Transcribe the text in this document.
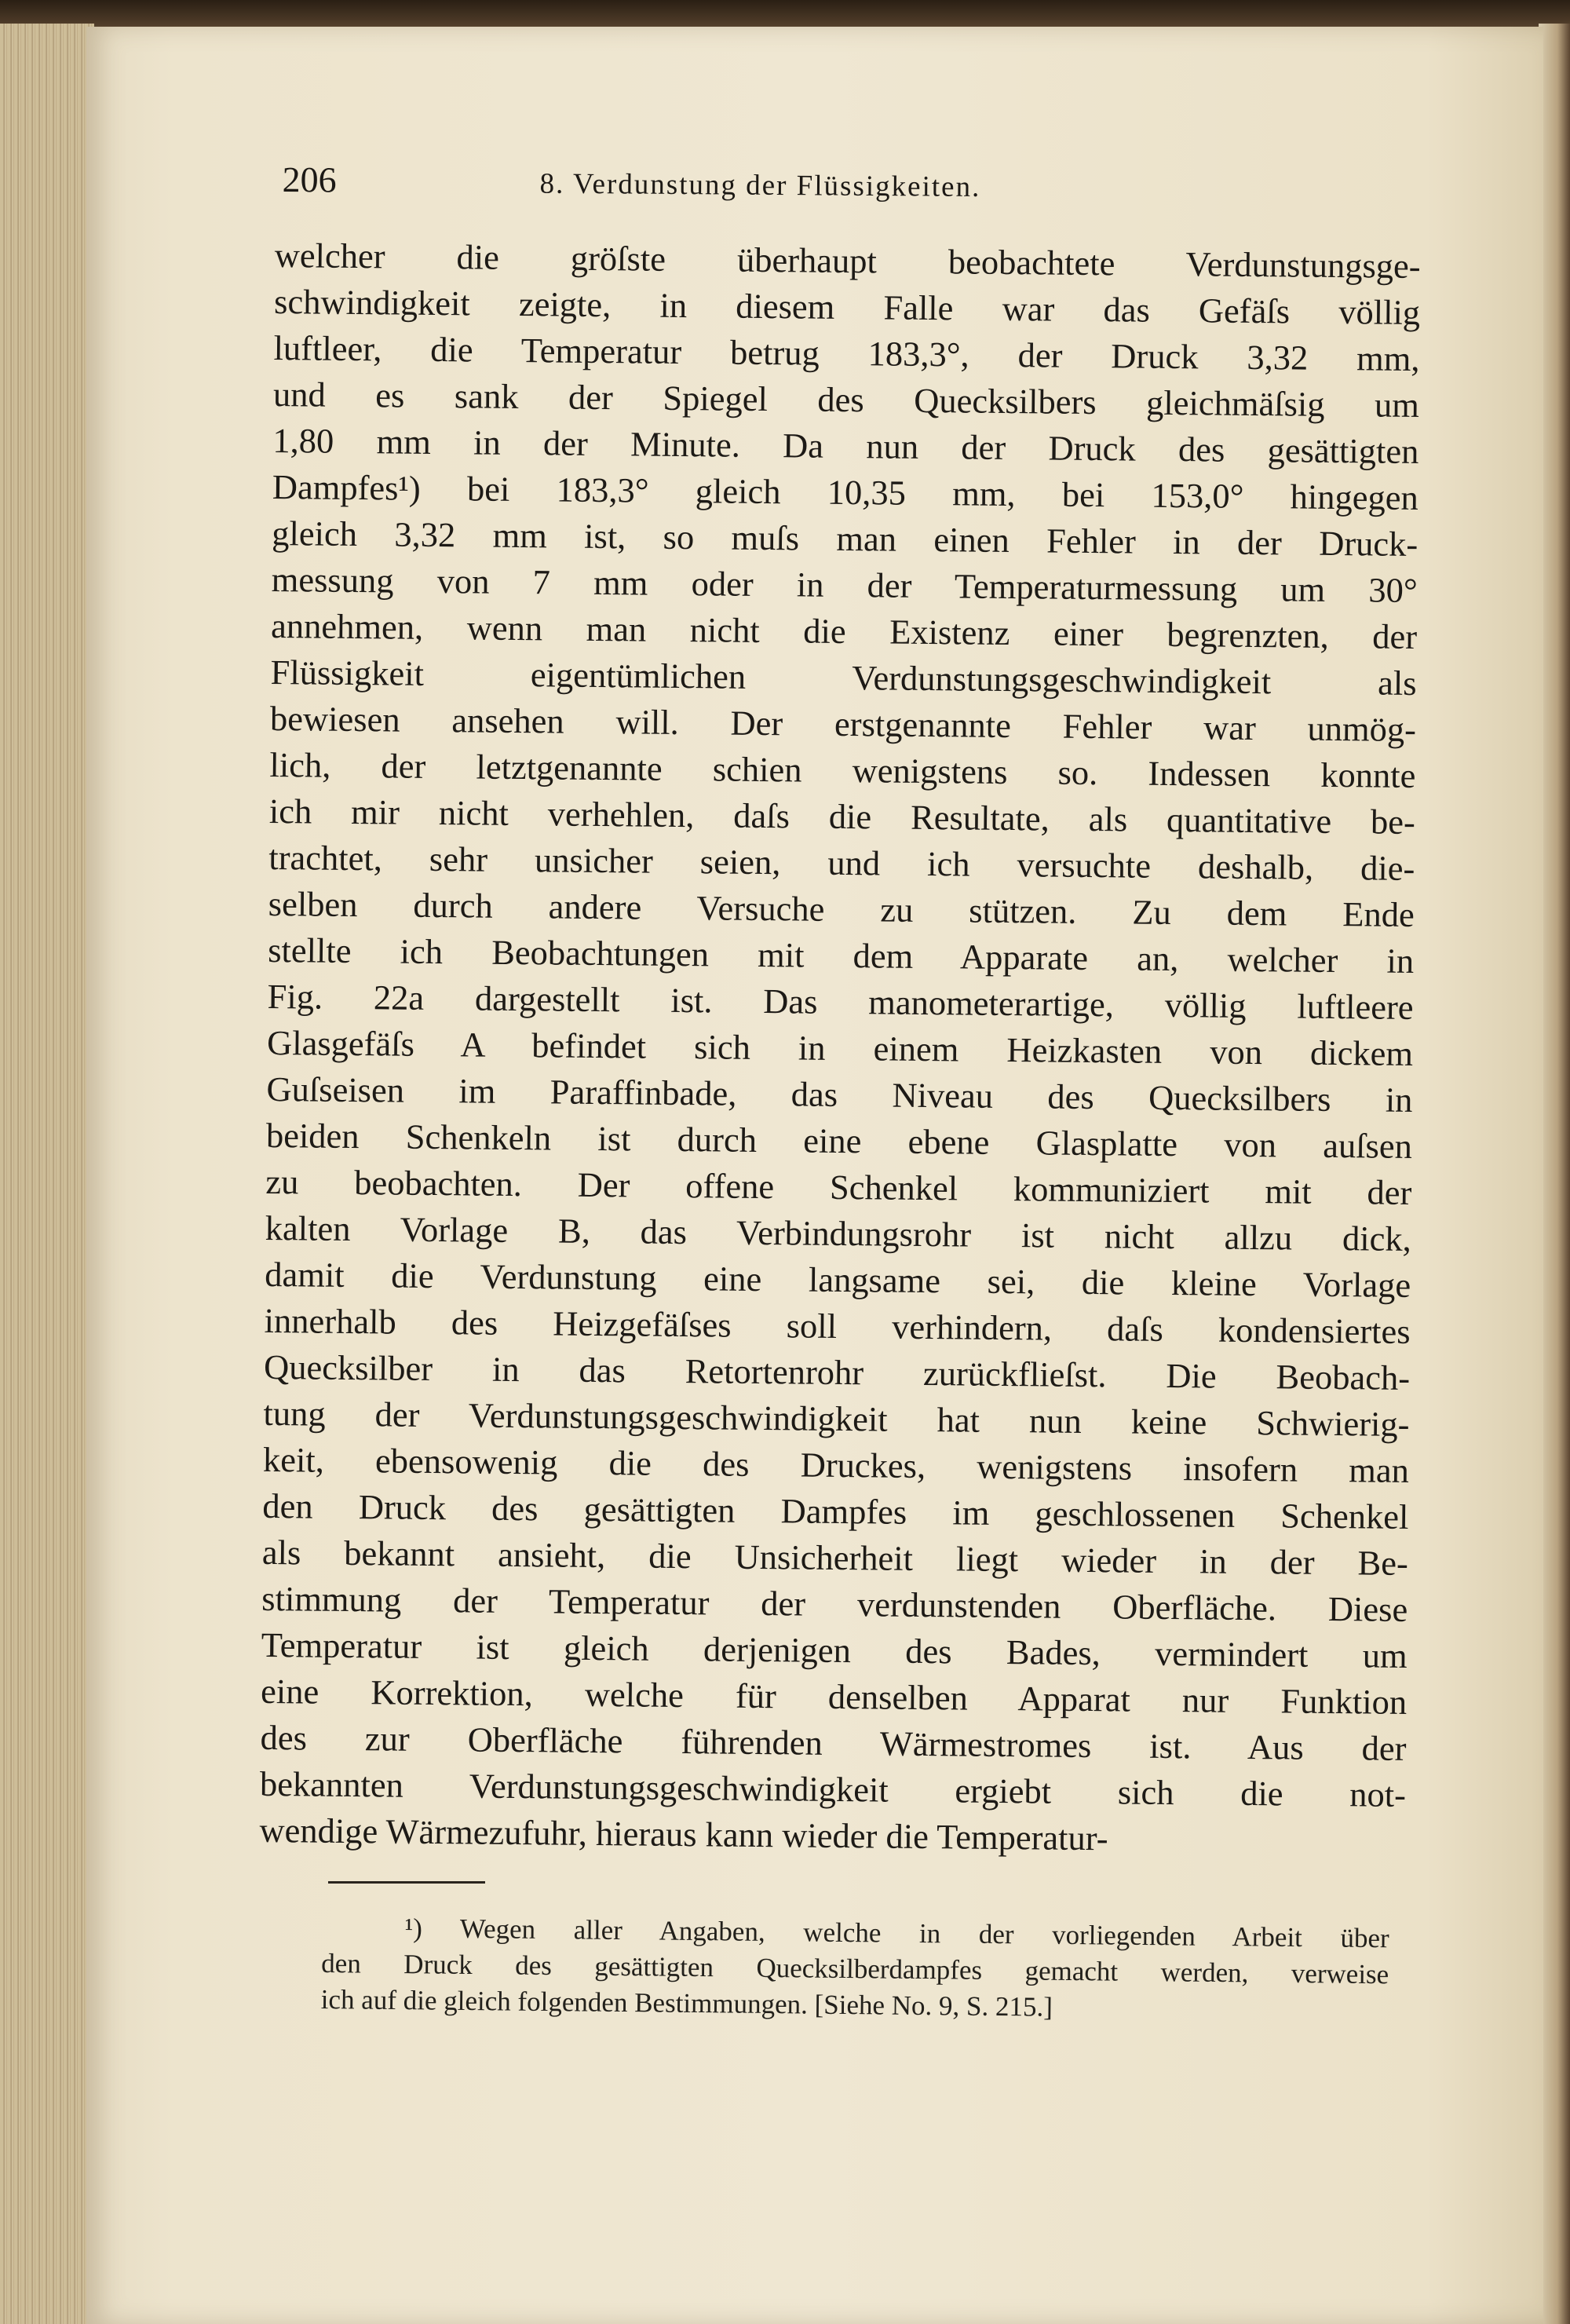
206	8. Verdunstung der Flüssigkeiten.
welcher die gröſste überhaupt beobachtete Verdunstungsge-
schwindigkeit zeigte, in diesem Falle war das Gefäſs völlig
luftleer, die Temperatur betrug 183,3°, der Druck 3,32 mm,
und es sank der Spiegel des Quecksilbers gleichmäſsig um
1,80 mm in der Minute. Da nun der Druck des gesättigten
Dampfes¹) bei 183,3° gleich 10,35 mm, bei 153,0° hingegen
gleich 3,32 mm ist, so muſs man einen Fehler in der Druck-
messung von 7 mm oder in der Temperaturmessung um 30°
annehmen, wenn man nicht die Existenz einer begrenzten, der
Flüssigkeit eigentümlichen Verdunstungsgeschwindigkeit als
bewiesen ansehen will. Der erstgenannte Fehler war unmög-
lich, der letztgenannte schien wenigstens so. Indessen konnte
ich mir nicht verhehlen, daſs die Resultate, als quantitative be-
trachtet, sehr unsicher seien, und ich versuchte deshalb, die-
selben durch andere Versuche zu stützen. Zu dem Ende
stellte ich Beobachtungen mit dem Apparate an, welcher in
Fig. 22a dargestellt ist. Das manometerartige, völlig luftleere
Glasgefäſs A befindet sich in einem Heizkasten von dickem
Guſseisen im Paraffinbade, das Niveau des Quecksilbers in
beiden Schenkeln ist durch eine ebene Glasplatte von auſsen
zu beobachten. Der offene Schenkel kommuniziert mit der
kalten Vorlage B, das Verbindungsrohr ist nicht allzu dick,
damit die Verdunstung eine langsame sei, die kleine Vorlage
innerhalb des Heizgefäſses soll verhindern, daſs kondensiertes
Quecksilber in das Retortenrohr zurückflieſst. Die Beobach-
tung der Verdunstungsgeschwindigkeit hat nun keine Schwierig-
keit, ebensowenig die des Druckes, wenigstens insofern man
den Druck des gesättigten Dampfes im geschlossenen Schenkel
als bekannt ansieht, die Unsicherheit liegt wieder in der Be-
stimmung der Temperatur der verdunstenden Oberfläche. Diese
Temperatur ist gleich derjenigen des Bades, vermindert um
eine Korrektion, welche für denselben Apparat nur Funktion
des zur Oberfläche führenden Wärmestromes ist. Aus der
bekannten Verdunstungsgeschwindigkeit ergiebt sich die not-
wendige Wärmezufuhr, hieraus kann wieder die Temperatur-
¹) Wegen aller Angaben, welche in der vorliegenden Arbeit über
den Druck des gesättigten Quecksilberdampfes gemacht werden, verweise
ich auf die gleich folgenden Bestimmungen. [Siehe No. 9, S. 215.]
